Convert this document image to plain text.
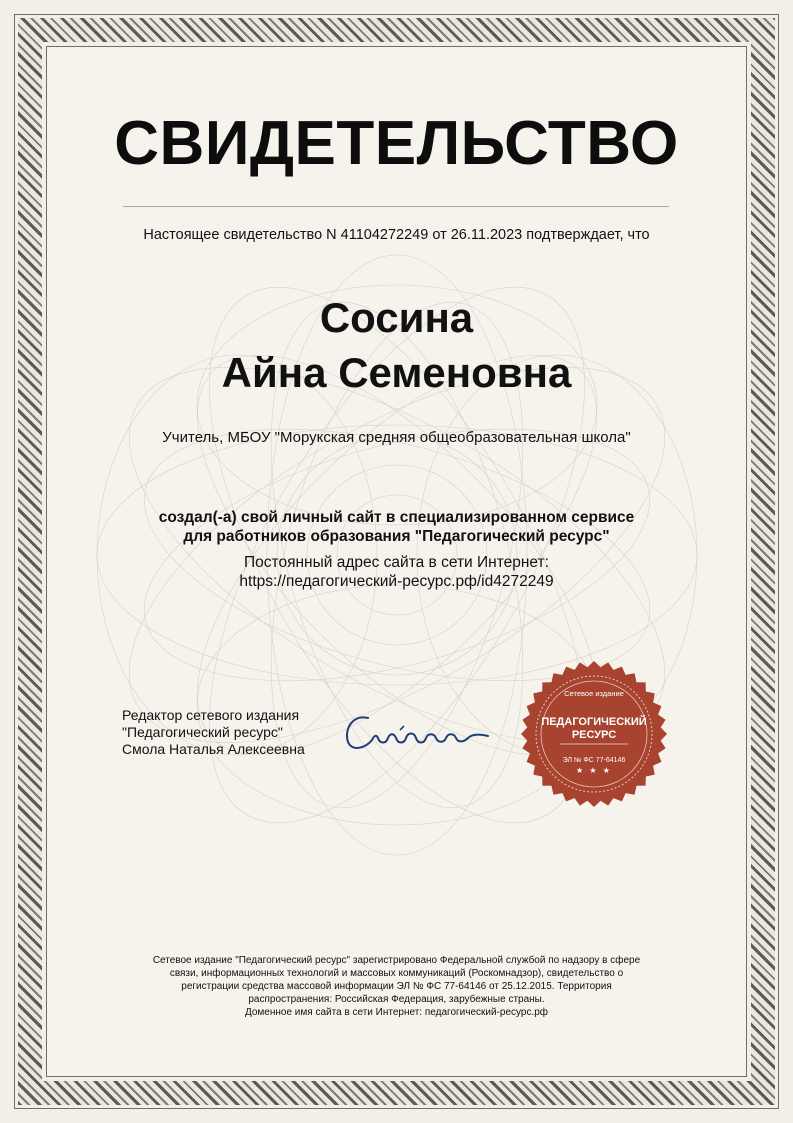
СВИДЕТЕЛЬСТВО
Настоящее свидетельство N 41104272249 от 26.11.2023 подтверждает, что
Сосина
Айна Семеновна
Учитель, МБОУ "Морукская средняя общеобразовательная школа"
создал(-а) свой личный сайт в специализированном сервисе
для работников образования "Педагогический ресурс"
Постоянный адрес сайта в сети Интернет:
https://педагогический-ресурс.рф/id4272249
Редактор сетевого издания
"Педагогический ресурс"
Смола Наталья Алексеевна
Сетевое издание
ПЕДАГОГИЧЕСКИЙ
РЕСУРС
ЭЛ № ФС 77-64146
★ ★ ★
Сетевое издание "Педагогический ресурс" зарегистрировано Федеральной службой по надзору в сфере
связи, информационных технологий и массовых коммуникаций (Роскомнадзор), свидетельство о
регистрации средства массовой информации ЭЛ № ФС 77-64146 от 25.12.2015. Территория
распространения: Российская Федерация, зарубежные страны.
Доменное имя сайта в сети Интернет: педагогический-ресурс.рф
